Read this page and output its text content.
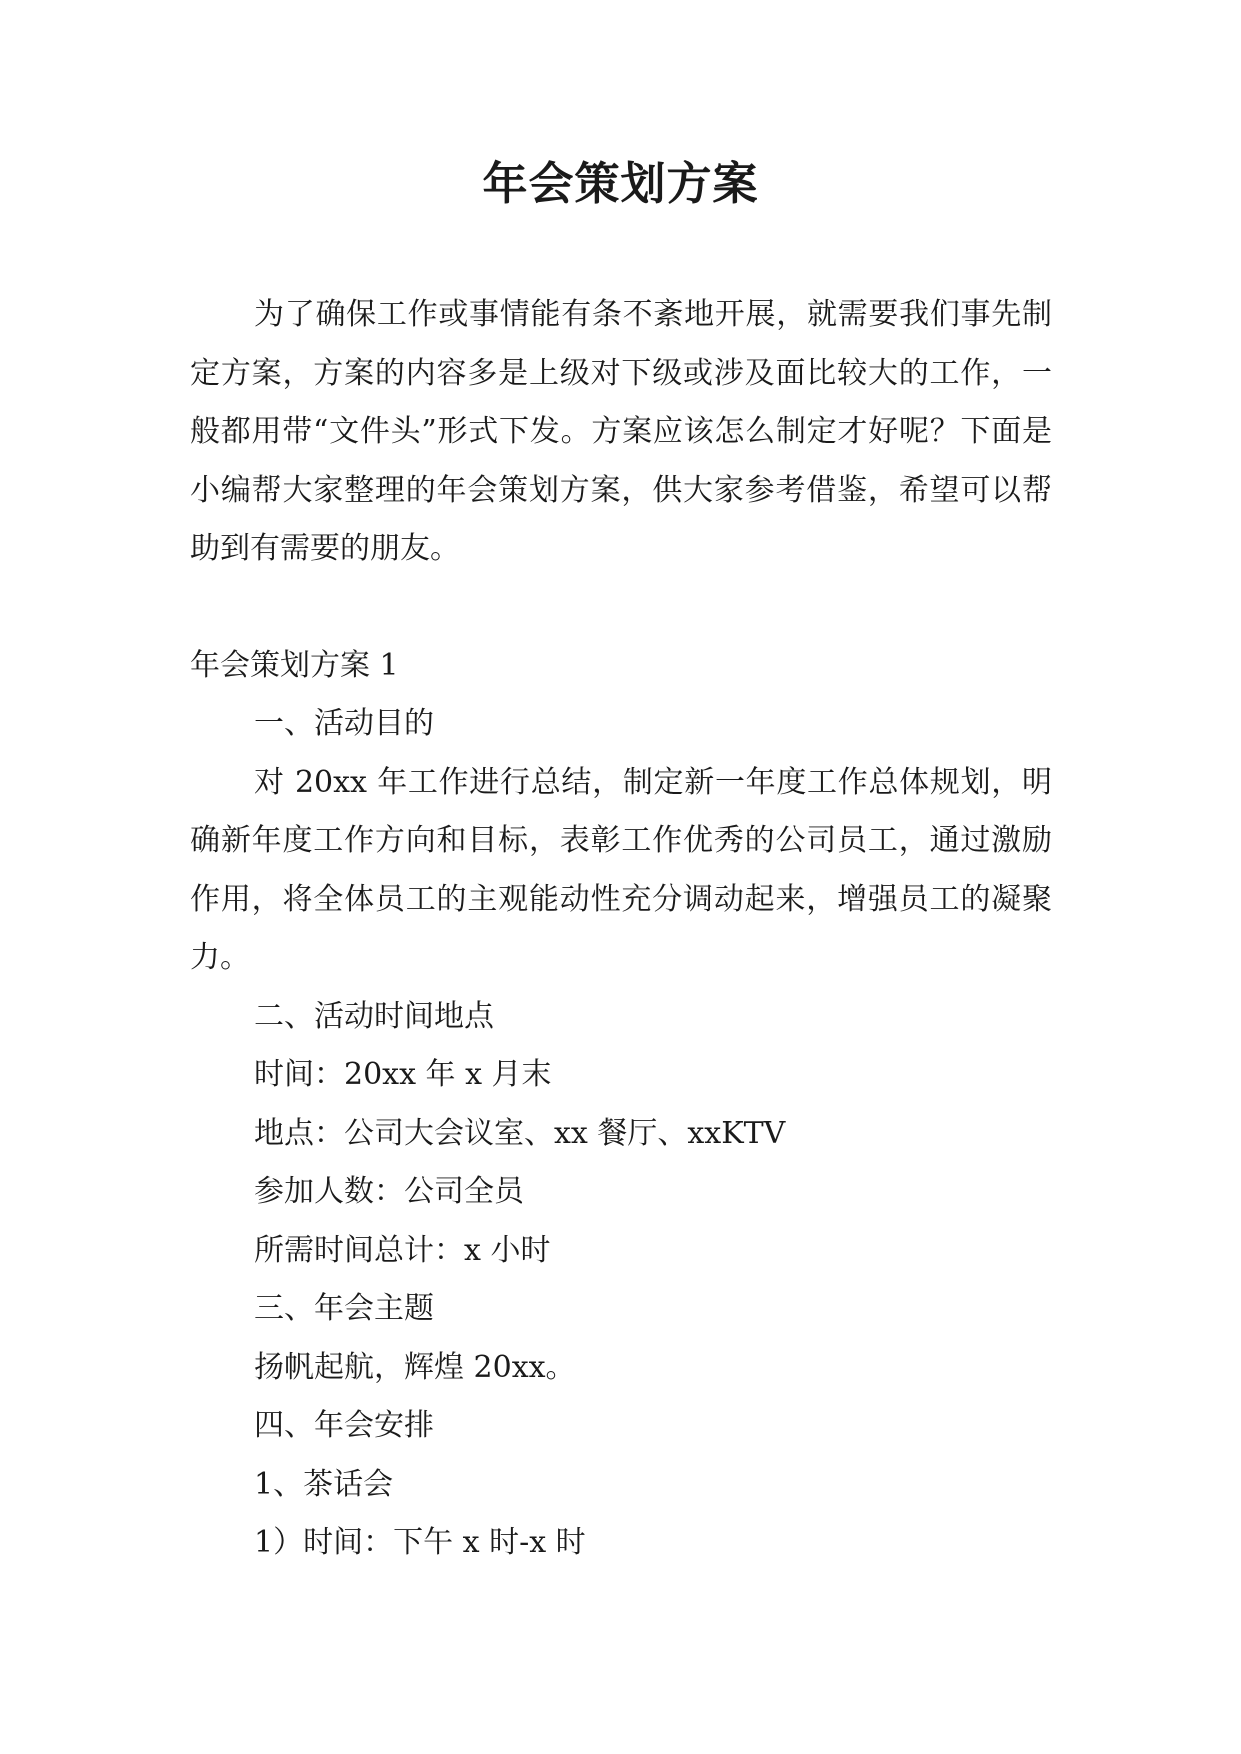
年会策划方案

为了确保工作或事情能有条不紊地开展，就需要我们事先制定方案，方案的内容多是上级对下级或涉及面比较大的工作，一般都用带“文件头”形式下发。方案应该怎么制定才好呢？下面是小编帮大家整理的年会策划方案，供大家参考借鉴，希望可以帮助到有需要的朋友。

年会策划方案 1

一、活动目的

对 20xx 年工作进行总结，制定新一年度工作总体规划，明确新年度工作方向和目标，表彰工作优秀的公司员工，通过激励作用，将全体员工的主观能动性充分调动起来，增强员工的凝聚力。

二、活动时间地点

时间：20xx 年 x 月末

地点：公司大会议室、xx 餐厅、xxKTV

参加人数：公司全员

所需时间总计：x 小时

三、年会主题

扬帆起航，辉煌 20xx。

四、年会安排

1、茶话会

1）时间：下午 x 时-x 时
